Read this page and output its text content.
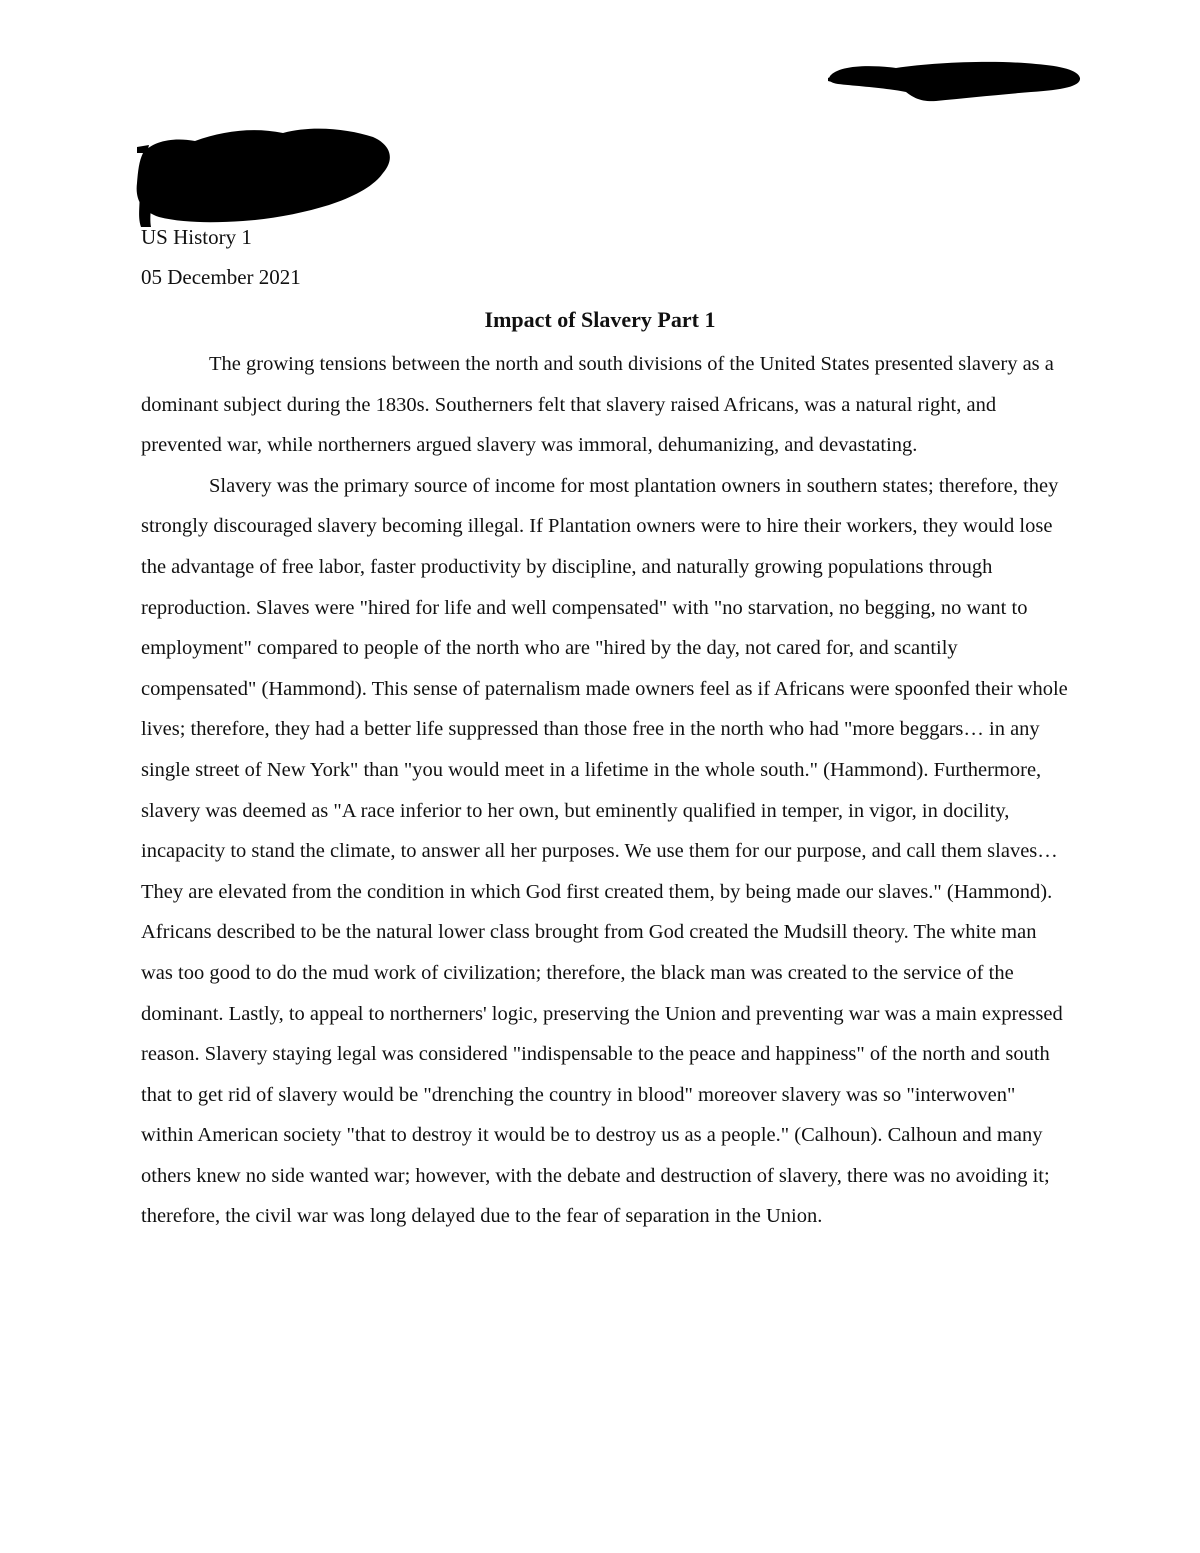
US History 1
05 December 2021
Impact of Slavery Part 1

The growing tensions between the north and south divisions of the United States presented slavery as a dominant subject during the 1830s. Southerners felt that slavery raised Africans, was a natural right, and prevented war, while northerners argued slavery was immoral, dehumanizing, and devastating.

Slavery was the primary source of income for most plantation owners in southern states; therefore, they strongly discouraged slavery becoming illegal. If Plantation owners were to hire their workers, they would lose the advantage of free labor, faster productivity by discipline, and naturally growing populations through reproduction. Slaves were "hired for life and well compensated" with "no starvation, no begging, no want to employment" compared to people of the north who are "hired by the day, not cared for, and scantily compensated" (Hammond). This sense of paternalism made owners feel as if Africans were spoonfed their whole lives; therefore, they had a better life suppressed than those free in the north who had "more beggars… in any single street of New York" than "you would meet in a lifetime in the whole south." (Hammond). Furthermore, slavery was deemed as "A race inferior to her own, but eminently qualified in temper, in vigor, in docility, incapacity to stand the climate, to answer all her purposes. We use them for our purpose, and call them slaves… They are elevated from the condition in which God first created them, by being made our slaves." (Hammond). Africans described to be the natural lower class brought from God created the Mudsill theory. The white man was too good to do the mud work of civilization; therefore, the black man was created to the service of the dominant. Lastly, to appeal to northerners' logic, preserving the Union and preventing war was a main expressed reason. Slavery staying legal was considered "indispensable to the peace and happiness" of the north and south that to get rid of slavery would be "drenching the country in blood" moreover slavery was so "interwoven" within American society "that to destroy it would be to destroy us as a people." (Calhoun). Calhoun and many others knew no side wanted war; however, with the debate and destruction of slavery, there was no avoiding it; therefore, the civil war was long delayed due to the fear of separation in the Union.
